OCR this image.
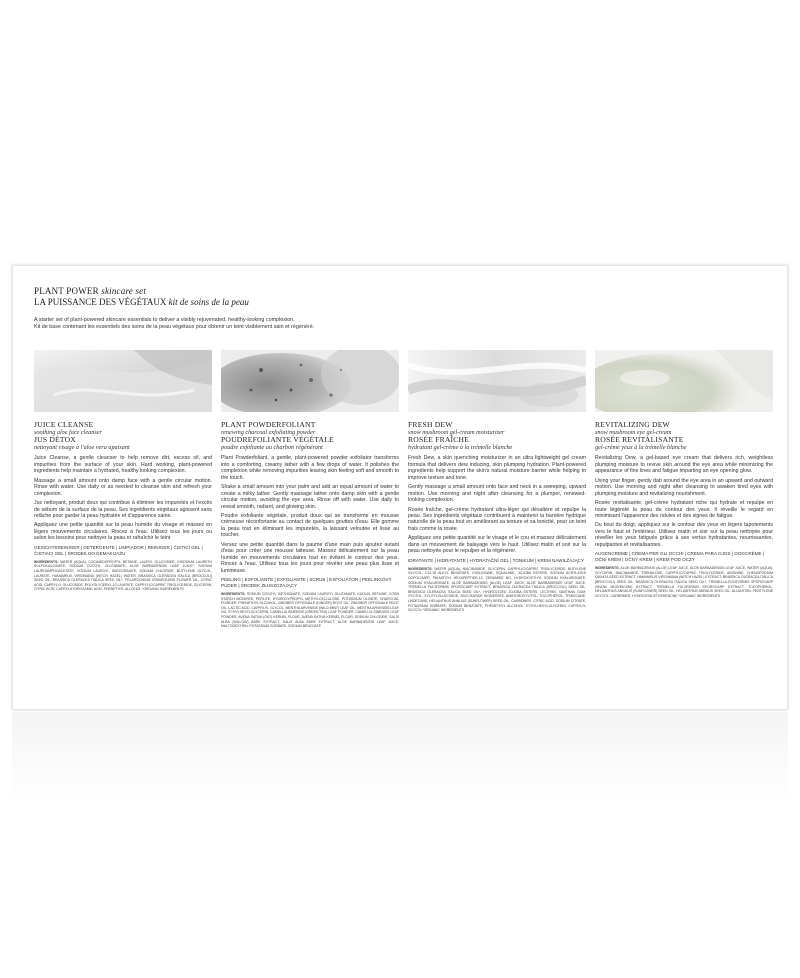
PLANT POWER skincare set
LA PUISSANCE DES VÉGÉTAUX kit de soins de la peau
A starter set of plant-powered skincare essentials to deliver a visibly rejuvenated, healthy-looking complexion.
Kit de base contenant les essentiels des soins de la peau végétaux pour obtenir un teint visiblement sain et régénéré.
JUICE CLEANSE
soothing aloe face cleanser
JUS DÉTOX
nettoyant visage à l'aloe vera apaisant

Juice Cleanse, a gentle cleanser to help remove dirt, excess oil, and impurities from the surface of your skin. Hard working, plant-powered ingredients help maintain a hydrated, healthy looking complexion.

Massage a small amount onto damp face with a gentle circular motion. Rinse with water. Use daily or as needed to cleanse skin and refresh your complexion.

Jus nettoyant, produit doux qui contribue à éliminer les impuretés et l'excès de sébum de la surface de la peau. Ses ingrédients végétaux agissent sans relâche pour garder la peau hydratée et d'apparence saine.

Appliquez une petite quantité sur la peau humide du visage et massez en légers mouvements circulaires. Rincez à l'eau. Utilisez tous les jours ou selon les besoins pour nettoyer la peau et rafraîchir le teint

GESICHTSREINIGER | DETERGENTE | LIMPIADOR | REINIGER | ČISTICÍ GEL | ČISTIACI GEL | ŚRODEK DO DEMAKIJAŻU
INGREDIENTS: WATER (AQUA), COCAMIDOPROPYL BETAINE, LAURYL GLUCOSIDE, DISODIUM LAURETH SULFOSUCCINATE, SODIUM COCOYL GLUTAMATE, ALOE BARBADENSIS LEAF JUICE*, SODIUM LAUROAMPHOACETATE, SODIUM LAUROYL SARCOSINATE, SODIUM CHLORIDE, BUTYLENE GLYCOL, LAURATE, HAMAMELIS VIRGINIANA (WITCH HAZEL) WATER, BRASSICA OLERACEA ITALICA (BROCCOLI) SEED OIL, BRASSICA OLERACEA ITALICA SEED OIL*, PELARGONIUM GRAVEOLENS FLOWER OIL, CITRIC ACID, CAPRYLYL GLUCOSIDE, POLYGLYCERYL-10 LAURATE, CAPRYLIC/CAPRIC TRIGLYCERIDE, GLYCERIN, CITRIC ACID, CAPRYLHYDROXAMIC ACID, PHENETHYL ALCOHOL *ORGANIC INGREDIENTS
PLANT POWDERFOLIANT
renewing charcoal exfoliating powder
POUDREFOLIANTE VÉGÉTALE
poudre exfoliante au charbon régénérant

Plant Powderfoliant, a gentle, plant-powered powder exfoliator transforms into a comforting, creamy lather with a few drops of water. It polishes the complexion while removing impurities leaving skin feeling soft and smooth to the touch.

Shake a small amount into your palm and add an equal amount of water to create a milky lather. Gently massage lather onto damp skin with a gentle circular motion, avoiding the eye area. Rinse off with water. Use daily to reveal smooth, radiant, and glowing skin.

Poudre exfoliante végétale, produit doux qui se transforme en mousse crémeuse réconfortante au contact de quelques gouttes d'eau. Elle gomme la peau tout en éliminant les impuretés, la laissant veloutée et lisse au toucher.

Versez une petite quantité dans la paume d'une main puis ajoutez autant d'eau pour créer une mousse laiteuse. Massez délicatement sur la peau humide en mouvements circulaires tout en évitant le contour des yeux. Rincez à l'eau. Utilisez tous les jours pour révéler une peau plus lisse et lumineuse.

PEELING | ESFOLIANTE | EXFOLIANTE | SCRUB | EXFOLIÁTOR | PEELINGOVÝ PÚDER | ŚRODEK ZŁUSZCZAJĄCY
INGREDIENTS: SODIUM COCOYL ISETHIONATE, SODIUM LAUROYL GLUTAMATE, KAOLIN, BETAINE, CORN STARCH MODIFIED, PERLITE, HYDROXYPROPYL METHYLCELLULOSE, POTASSIUM OLIVATE, CHARCOAL POWDER, PHENETHYL ALCOHOL, ZINGIBER OFFICINALE (GINGER) ROOT OIL, ZINGIBER OFFICINALE ROOT OIL, LACTIC ACID, CAPRYLYL GLYCOL, MENTHA ARVENSIS (WILD MINT) LEAF OIL, MENTHA ARVENSIS LEAF OIL, ETHYLHEXYLGLYCERIN, CAMELLIA SINENSIS (GREEN TEA) LEAF POWDER, CAMELLIA SINENSIS LEAF POWDER, AVENA SATIVA (OAT) KERNEL FLOUR, AVENA SATIVA KERNEL FLOUR, SODIUM CHLORIDE, SALIX ALBA (WILLOW) BARK EXTRACT, SALIX ALBA BARK EXTRACT, ALOE BARBADENSIS LEAF JUICE, MALTODEXTRIN, POTASSIUM SORBATE, SODIUM BENZOATE
FRESH DEW
snow mushroom gel-cream moisturizer
ROSÉE FRAÎCHE
hydratant gel-crème à la trémelle blanche

Fresh Dew, a skin quenching moisturizer in an ultra lightweight gel cream formula that delivers dew inducing, skin plumping hydration. Plant-powered ingredients help support the skin's natural moisture barrier while helping to improve texture and tone.

Gently massage a small amount onto face and neck in a sweeping, upward motion. Use morning and night after cleansing for a plumper, renewed-looking complexion.

Rosée fraîche, gel-crème hydratant ultra-léger qui désaltère et repulpe la peau. Ses ingrédients végétaux contribuent à maintenir la barrière hydrique naturelle de la peau tout en améliorant sa texture et sa tonicité, pour un teint frais comme la rosée.

Appliquez une petite quantité sur le visage et le cou et massez délicatement dans un mouvement de balayage vers le haut. Utilisez matin et soir sur la peau nettoyée pour le repulper et la régénérer.

IDRATANTE | HIDRATANTE | HYDRATAČNÍ GEL | TONIKUM | KREM NAWILŻAJĄCY
INGREDIENTS: WATER (AQUA), NIACINAMIDE, GLYCERIN, CAPRYLIC/CAPRIC TRIGLYCERIDE, BUTYLENE GLYCOL, C12-15 ALKYL BENZOATE, DISILOXANE, SQUALANE, JOJOBA ESTERS, SODIUM ACRYLATES COPOLYMER, PALMITOYL HEXAPEPTIDE-12, CERAMIDE NG, HYDROXYETHYL SODIUM HYALURONATE, SODIUM HYALURONATE, ALOE BARBADENSIS (ALOE) LEAF JUICE, ALOE BARBADENSIS LEAF JUICE, TREMELLA FUCIFORMIS SPOROCARP EXTRACT, BRASSICA OLERACEA ITALICA (BROCCOLI) SEED OIL, BRASSICA OLERACEA ITALICA SEED OIL*, HYDROLYZED JOJOBA ESTERS, LECITHIN, XANTHAN GUM, XYLITOL, XYLITYLGLUCOSIDE, SACCHARIDE ISOMERATE, ANHYDROXYLITOL, TOCOPHEROL, TRIDECANE, UNDECANE, HELIANTHUS ANNUUS (SUNFLOWER) SEED OIL, CARBOMER, CITRIC ACID, SODIUM CITRATE, POTASSIUM SORBATE, SODIUM BENZOATE, PHENETHYL ALCOHOL, ETHYLHEXYLGLYCERIN, CAPRYLYL GLYCOL *ORGANIC INGREDIENTS
REVITALIZING DEW
snow mushroom eye gel-cream
ROSÉE REVITALISANTE
gel-crème yeux à la trémelle blanche

Revitalizing Dew, a gel-based eye cream that delivers rich, weightless plumping moisture to revive skin around the eye area while minimizing the appearance of fine lines and fatigue imparting an eye opening glow.

Using your finger, gently dab around the eye area in an upward and outward motion. Use morning and night after cleansing to awaken tired eyes with plumping moisture and revitalizing nourishment.

Rosée revitalisante, gel-crème hydratant riche qui hydrate et repulpe en toute légèreté la peau du contour des yeux. Il réveille le regard en minimisant l'apparence des ridules et des signes de fatigue.

Du bout du doigt, appliquez sur le contour des yeux en légers tapotements vers le haut et l'extérieur. Utilisez matin et soir sur la peau nettoyée pour réveiller les yeux fatigués grâce à ses vertus hydratantes, nourrissantes, repulpantes et revitalisantes.

AUGENCREME | CREMA PER GLI OCCHI | CREMA PARA OJOS | OOGCRÈME | OČNÍ KRÉM | OČNÝ KRÉM | KREM POD OCZY
INGREDIENTS: ALOE BARBADENSIS (ALOE) LEAF JUICE, ALOE BARBADENSIS LEAF JUICE, WATER (AQUA), GLYCERIN, NIACINAMIDE, TREHALOSE, CAPRYLIC/CAPRIC TRIGLYCERIDE, ARGININE, CHENOPODIUM QUINOA SEED EXTRACT, HAMAMELIS VIRGINIANA (WITCH HAZEL) EXTRACT, BRASSICA OLERACEA ITALICA (BROCCOLI) SEED OIL, BRASSICA OLERACEA ITALICA SEED OIL*, TREMELLA FUCIFORMIS SPOROCARP (SNOW MUSHROOM) EXTRACT, TREMELLA FUCIFORMIS SPOROCARP EXTRACT, TOCOPHEROL, HELIANTHUS ANNUUS (SUNFLOWER) SEED OIL, HELIANTHUS ANNUUS SEED OIL, ALLANTOIN, PENTYLENE GLYCOL, CARBOMER, HYDROXYACETOPHENONE *ORGANIC INGREDIENTS
